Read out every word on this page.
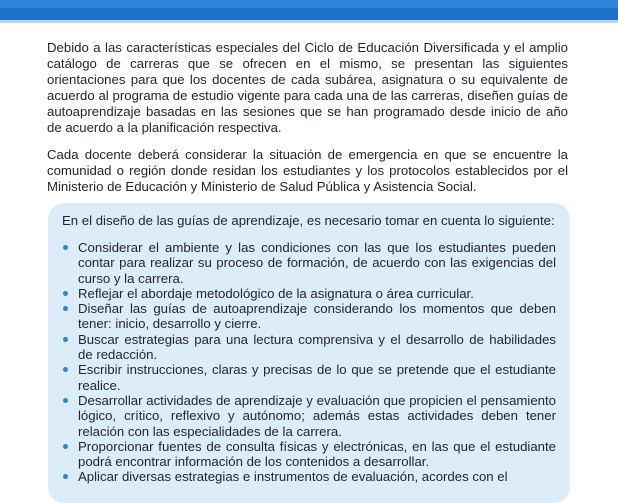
Debido a las características especiales del Ciclo de Educación Diversificada y el amplio catálogo de carreras que se ofrecen en el mismo, se presentan las siguientes orientaciones para que los docentes de cada subárea, asignatura o su equivalente de acuerdo al programa de estudio vigente para cada una de las carreras, diseñen guías de autoaprendizaje basadas en las sesiones que se han programado desde inicio de año de acuerdo a la planificación respectiva.

Cada docente deberá considerar la situación de emergencia en que se encuentre la comunidad o región donde residan los estudiantes y los protocolos establecidos por el Ministerio de Educación y Ministerio de Salud Pública y Asistencia Social.

En el diseño de las guías de aprendizaje, es necesario tomar en cuenta lo siguiente:

Considerar el ambiente y las condiciones con las que los estudiantes pueden contar para realizar su proceso de formación, de acuerdo con las exigencias del curso y la carrera.
Reflejar el abordaje metodológico de la asignatura o área curricular.
Diseñar las guías de autoaprendizaje considerando los momentos que deben tener: inicio, desarrollo y cierre.
Buscar estrategias para una lectura comprensiva y el desarrollo de habilidades de redacción.
Escribir instrucciones, claras y precisas de lo que se pretende que el estudiante realice.
Desarrollar actividades de aprendizaje y evaluación que propicien el pensamiento lógico, crítico, reflexivo y autónomo; además estas actividades deben tener relación con las especialidades de la carrera.
Proporcionar fuentes de consulta físicas y electrónicas, en las que el estudiante podrá encontrar información de los contenidos a desarrollar.
Aplicar diversas estrategias e instrumentos de evaluación, acordes con el
